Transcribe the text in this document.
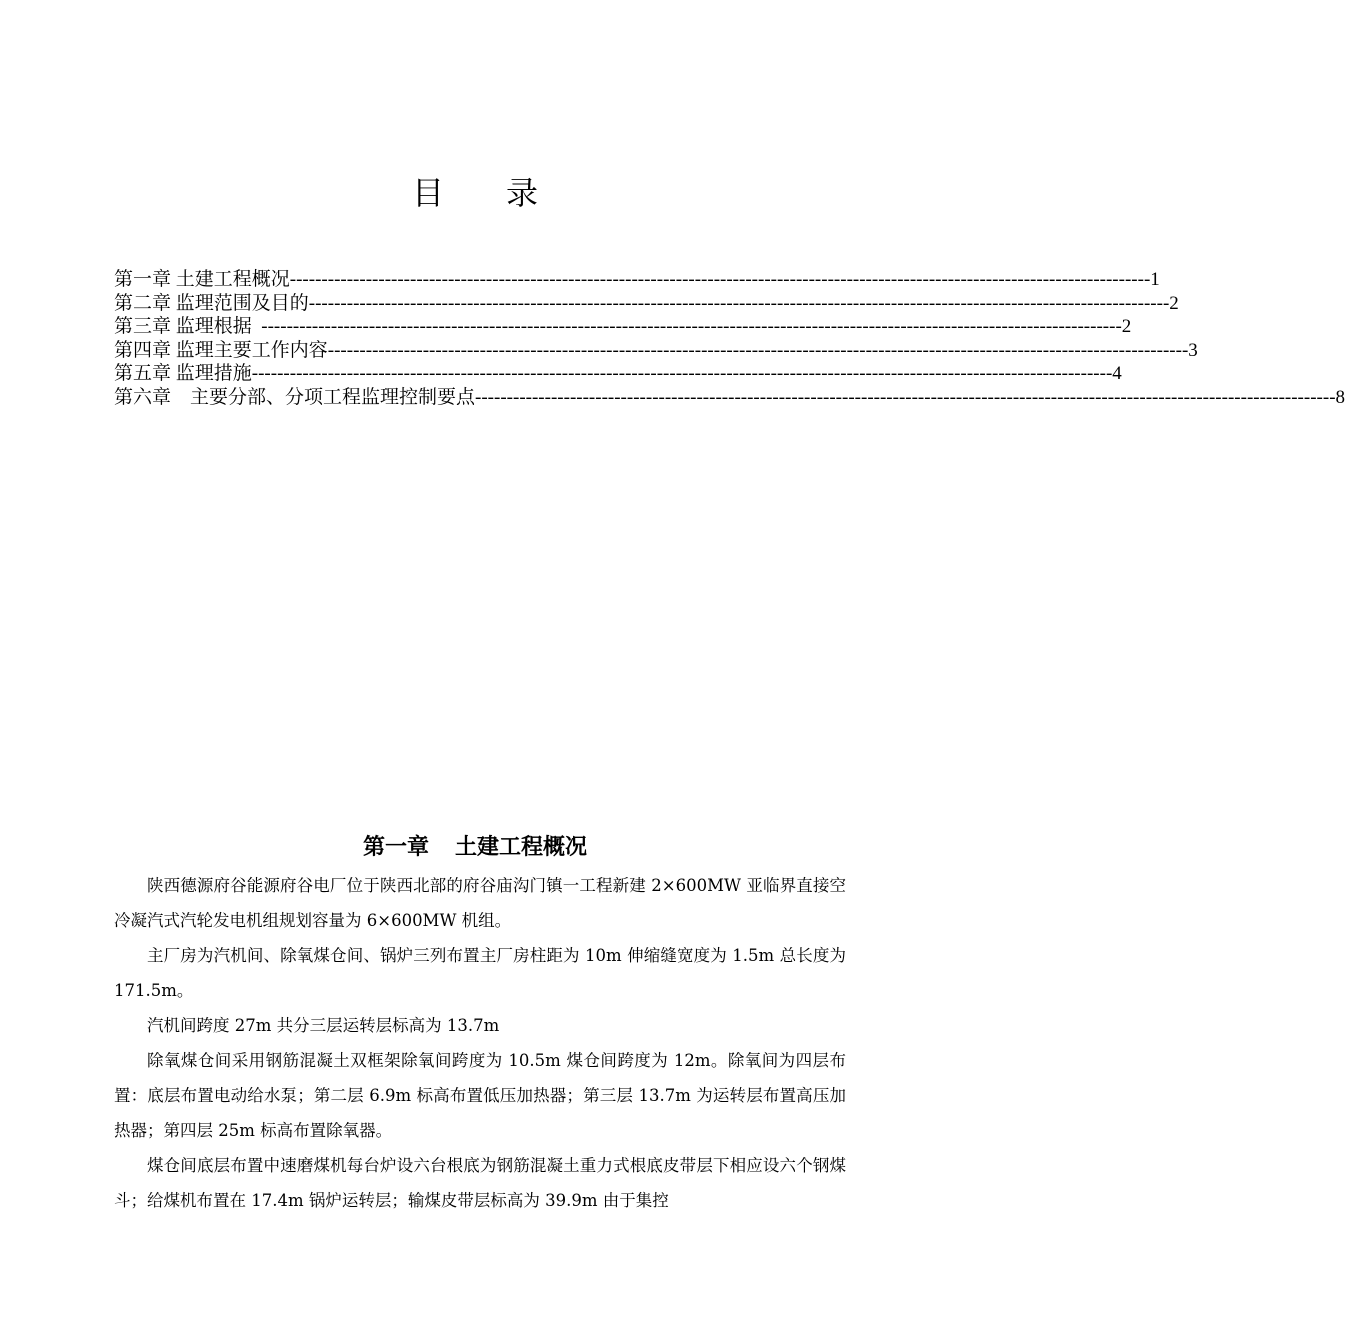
目 录
第一章 土建工程概况 ---------------------------------------------------------------------------------------------------------------------------------------- 1
第二章 监理范围及目的 ---------------------------------------------------------------------------------------------------------------------------------------- 2
第三章 监理根据 ---------------------------------------------------------------------------------------------------------------------------------------- 2
第四章 监理主要工作内容 ---------------------------------------------------------------------------------------------------------------------------------------- 3
第五章 监理措施 ---------------------------------------------------------------------------------------------------------------------------------------- 4
第六章 主要分部、分项工程监理控制要点 ---------------------------------------------------------------------------------------------------------------------------------------- 8
第一章 土建工程概况

陕西德源府谷能源府谷电厂位于陕西北部的府谷庙沟门镇一工程新建 2×600MW 亚临界直接空冷凝汽式汽轮发电机组规划容量为 6×600MW 机组。

主厂房为汽机间、除氧煤仓间、锅炉三列布置主厂房柱距为 10m 伸缩缝宽度为 1.5m 总长度为 171.5m。

汽机间跨度 27m 共分三层运转层标高为 13.7m

除氧煤仓间采用钢筋混凝土双框架除氧间跨度为 10.5m 煤仓间跨度为 12m。除氧间为四层布置：底层布置电动给水泵；第二层 6.9m 标高布置低压加热器；第三层 13.7m 为运转层布置高压加热器；第四层 25m 标高布置除氧器。

煤仓间底层布置中速磨煤机每台炉设六台根底为钢筋混凝土重力式根底皮带层下相应设六个钢煤斗；给煤机布置在 17.4m 锅炉运转层；输煤皮带层标高为 39.9m 由于集控
